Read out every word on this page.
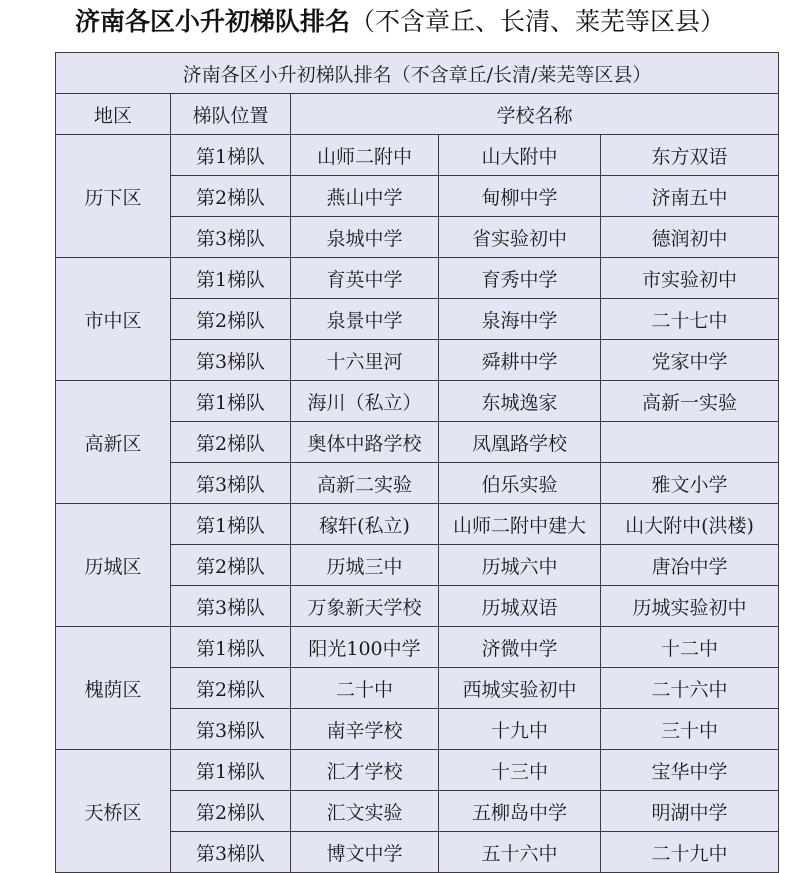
济南各区小升初梯队排名（不含章丘、长清、莱芜等区县）
济南各区小升初梯队排名（不含章丘/长清/莱芜等区县）				
地区	梯队位置	学校名称		
历下区	第1梯队	山师二附中	山大附中	东方双语
	第2梯队	燕山中学	甸柳中学	济南五中
	第3梯队	泉城中学	省实验初中	德润初中
市中区	第1梯队	育英中学	育秀中学	市实验初中
	第2梯队	泉景中学	泉海中学	二十七中
	第3梯队	十六里河	舜耕中学	党家中学
高新区	第1梯队	海川（私立）	东城逸家	高新一实验
	第2梯队	奥体中路学校	凤凰路学校	
	第3梯队	高新二实验	伯乐实验	雅文小学
历城区	第1梯队	稼轩(私立)	山师二附中建大	山大附中(洪楼)
	第2梯队	历城三中	历城六中	唐冶中学
	第3梯队	万象新天学校	历城双语	历城实验初中
槐荫区	第1梯队	阳光100中学	济微中学	十二中
	第2梯队	二十中	西城实验初中	二十六中
	第3梯队	南辛学校	十九中	三十中
天桥区	第1梯队	汇才学校	十三中	宝华中学
	第2梯队	汇文实验	五柳岛中学	明湖中学
	第3梯队	博文中学	五十六中	二十九中
